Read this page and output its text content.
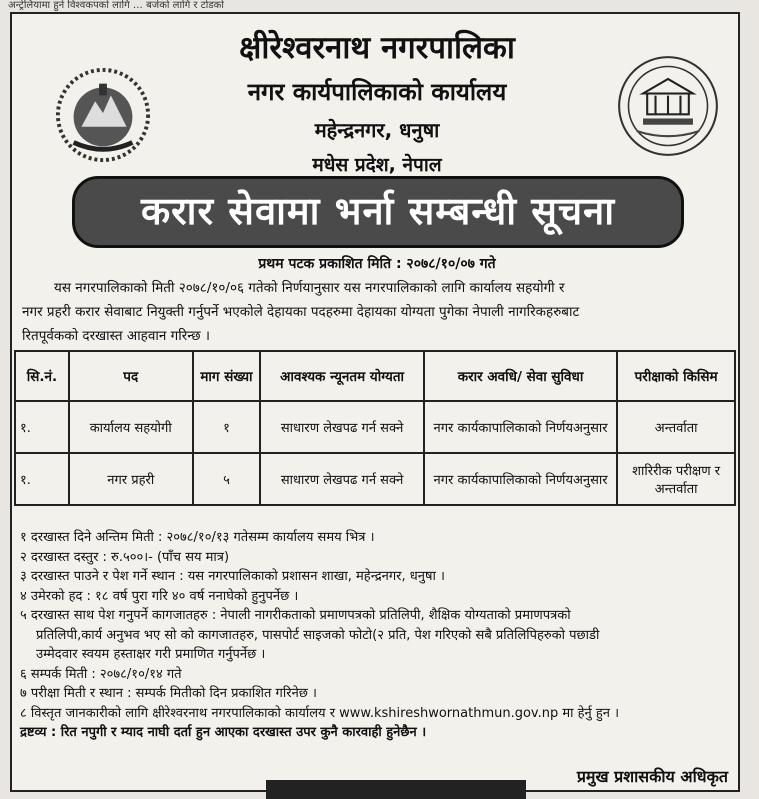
अन्ट्रेलियामा हुने विश्वकपको लागि … बजेको लागि र टोडको
क्षीरेश्वरनाथ नगरपालिका
नगर कार्यपालिकाको कार्यालय
महेन्द्रनगर, धनुषा
मधेस प्रदेश, नेपाल
करार सेवामा भर्ना सम्बन्धी सूचना
प्रथम पटक प्रकाशित मिति : २०७८/१०/०७ गते
यस नगरपालिकाको मिती २०७८/१०/०६ गतेको निर्णयानुसार यस नगरपालिकाको लागि कार्यालय सहयोगी र
नगर प्रहरी करार सेवाबाट नियुक्ती गर्नुपर्ने भएकोले देहायका पदहरुमा देहायका योग्यता पुगेका नेपाली नागरिकहरुबाट
रितपूर्वकको दरखास्त आहवान गरिन्छ ।
सि.नं.	पद	माग संख्या	आवश्यक न्यूनतम योग्यता	करार अवधि/ सेवा सुविधा	परीक्षाको किसिम
१.	कार्यालय सहयोगी	१	साधारण लेखपढ गर्न सक्ने	नगर कार्यकापालिकाको निर्णयअनुसार	अन्तर्वाता
१.	नगर प्रहरी	५	साधारण लेखपढ गर्न सक्ने	नगर कार्यकापालिकाको निर्णयअनुसार	शारिरीक परीक्षण र अन्तर्वाता
१ दरखास्त दिने अन्तिम मिती : २०७८/१०/१३ गतेसम्म कार्यालय समय भित्र ।
२ दरखास्त दस्तुर : रु.५००।- (पाँच सय मात्र)
३ दरखास्त पाउने र पेश गर्ने स्थान : यस नगरपालिकाको प्रशासन शाखा, महेन्द्रनगर, धनुषा ।
४ उमेरको हद : १८ वर्ष पुरा गरि ४० वर्ष ननाघेको हुनुपर्नेछ ।
५ दरखास्त साथ पेश गनुपर्ने कागजातहरु : नेपाली नागरीकताको प्रमाणपत्रको प्रतिलिपी, शैक्षिक योग्यताको प्रमाणपत्रको
प्रतिलिपी,कार्य अनुभव भए सो को कागजातहरु, पासपोर्ट साइजको फोटो(२ प्रति, पेश गरिएको सबै प्रतिलिपिहरुको पछाडी
उम्मेदवार स्वयम हस्ताक्षर गरी प्रमाणित गर्नुपर्नेछ ।
६ सम्पर्क मिती : २०७८/१०/१४ गते
७ परीक्षा मिती र स्थान : सम्पर्क मितीको दिन प्रकाशित गरिनेछ ।
८ विस्तृत जानकारीको लागि क्षीरेश्वरनाथ नगरपालिकाको कार्यालय र www.kshireshwornathmun.gov.np मा हेर्नु हुन ।
द्रष्टव्य : रित नपुगी र म्याद नाघी दर्ता हुन आएका दरखास्त उपर कुनै कारवाही हुनेछैन ।
प्रमुख प्रशासकीय अधिकृत
